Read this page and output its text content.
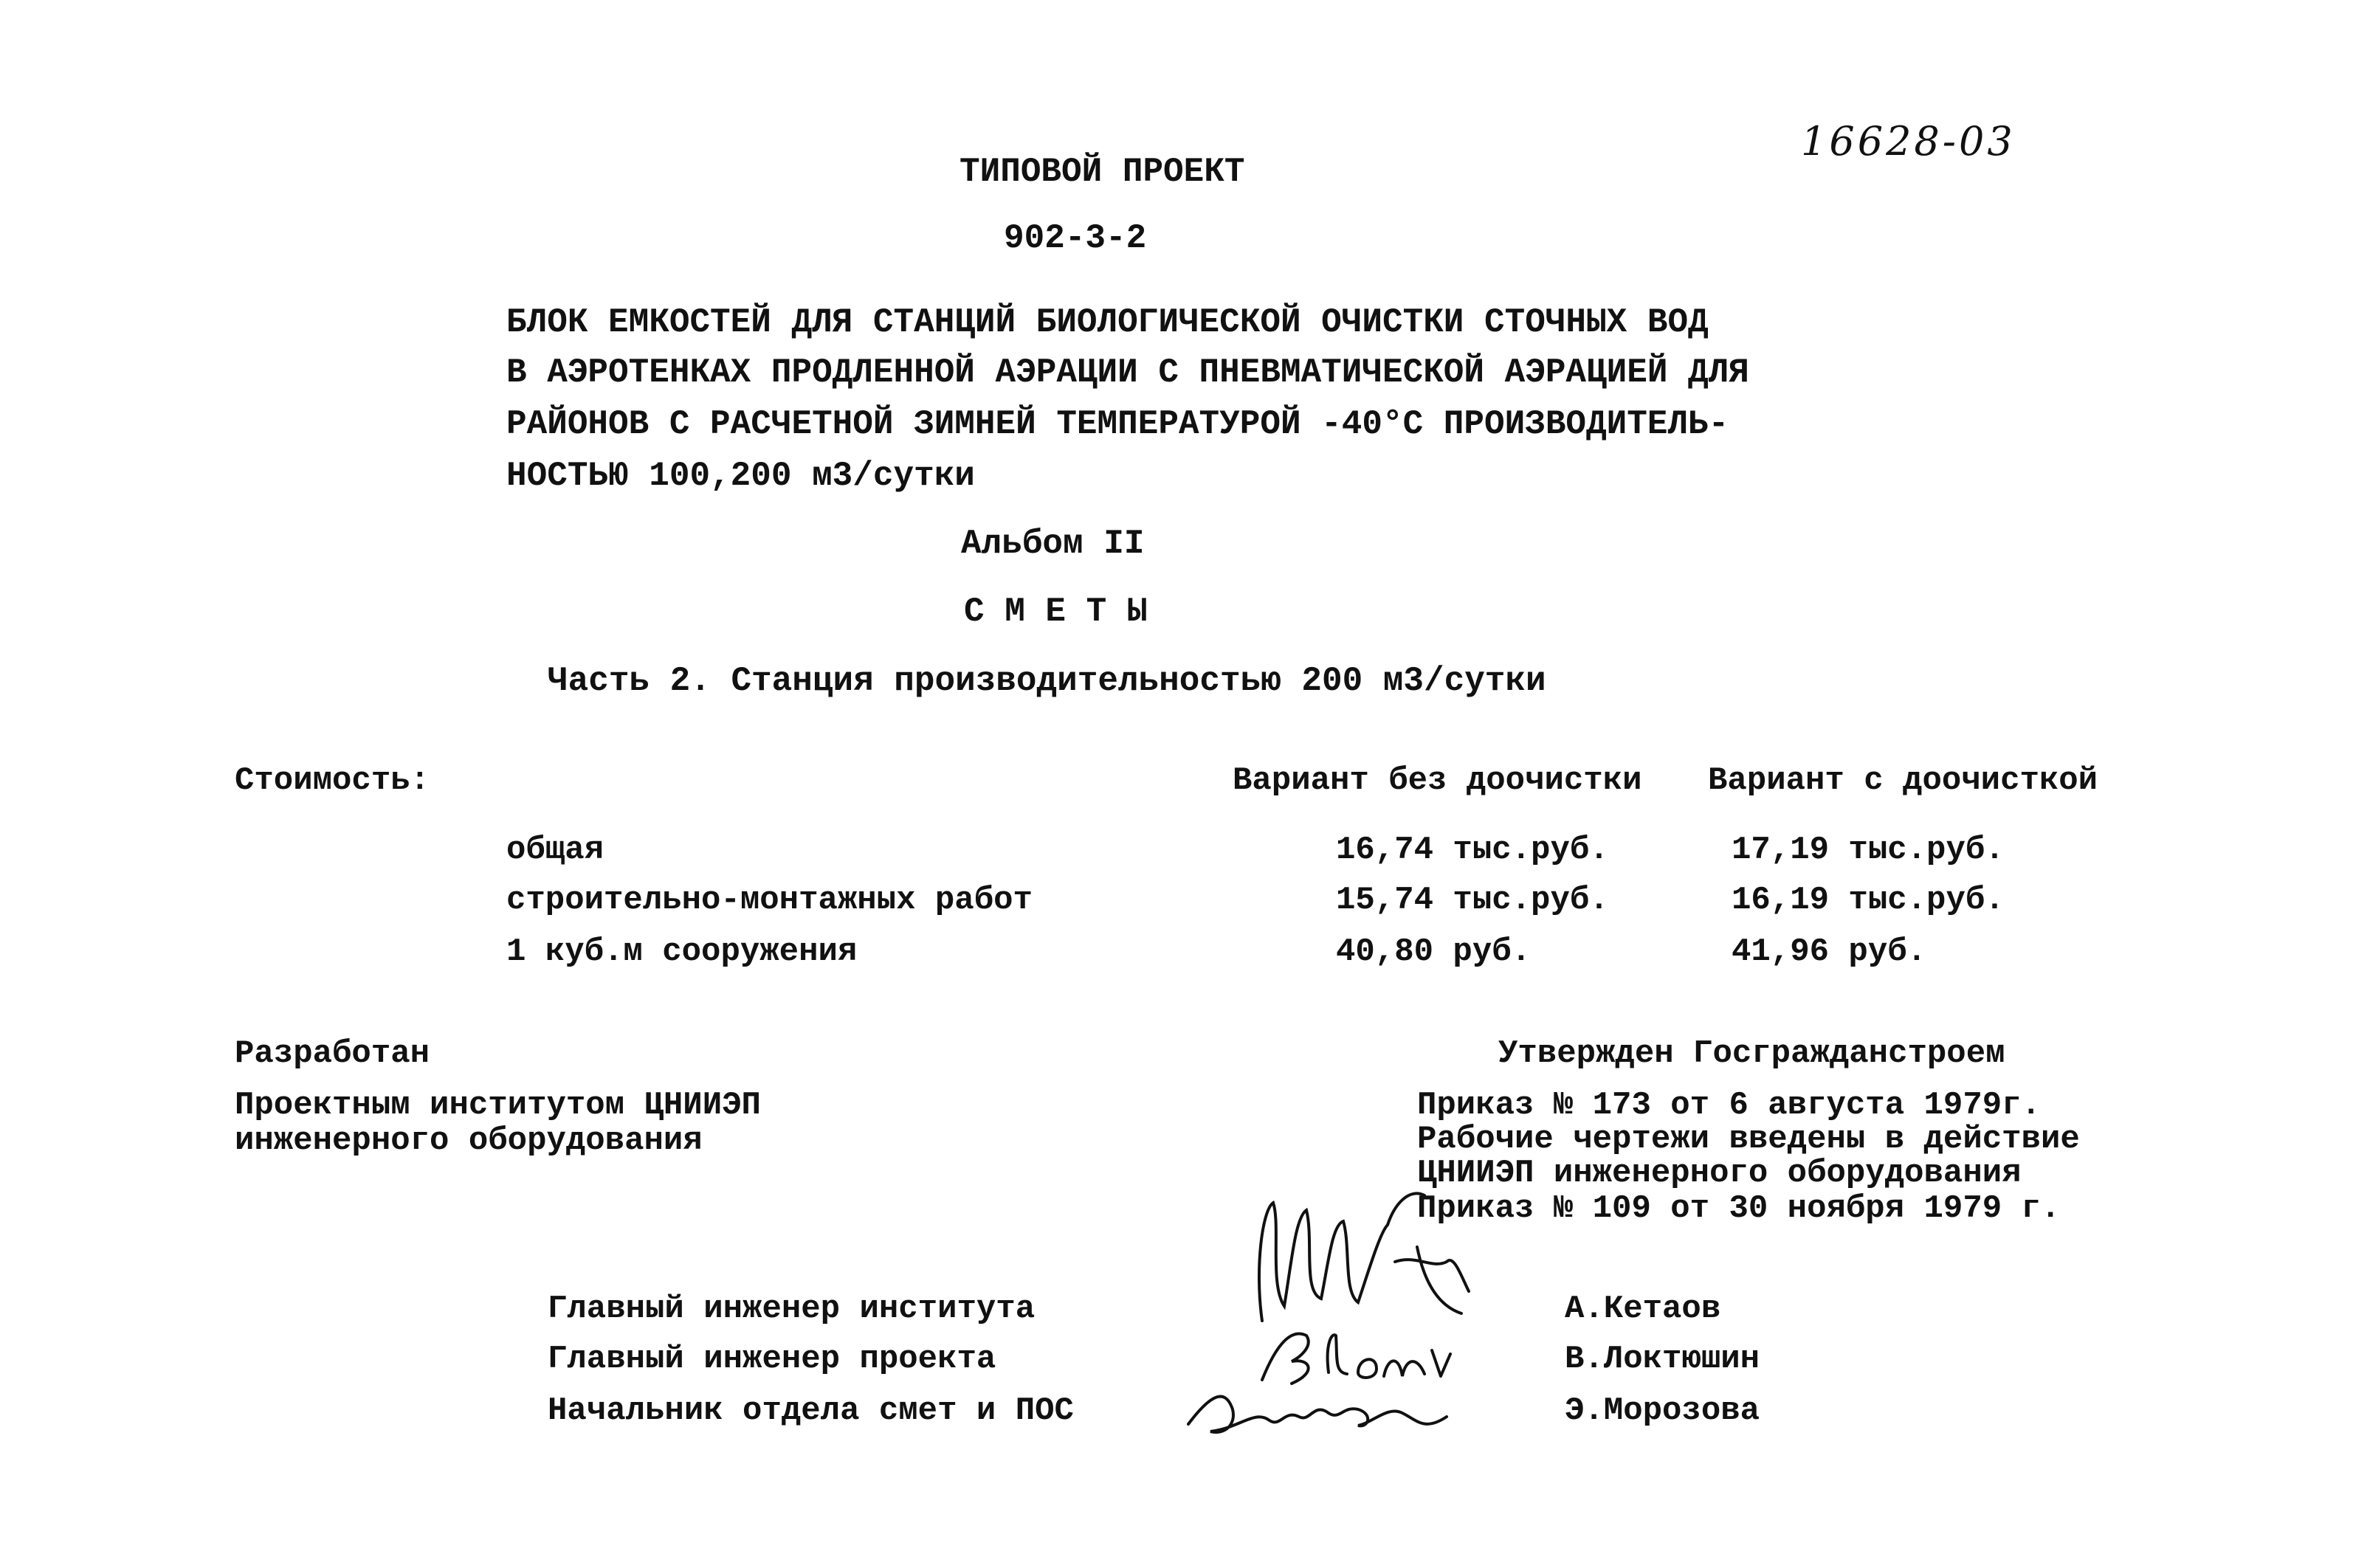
16628-03
ТИПОВОЙ ПРОЕКТ
902-3-2
БЛОК ЕМКОСТЕЙ ДЛЯ СТАНЦИЙ БИОЛОГИЧЕСКОЙ ОЧИСТКИ СТОЧНЫХ ВОД
В АЭРОТЕНКАХ ПРОДЛЕННОЙ АЭРАЦИИ С ПНЕВМАТИЧЕСКОЙ АЭРАЦИЕЙ ДЛЯ
РАЙОНОВ С РАСЧЕТНОЙ ЗИМНЕЙ ТЕМПЕРАТУРОЙ -40°С ПРОИЗВОДИТЕЛЬ-
НОСТЬЮ 100,200 м3/сутки
Альбом II
С М Е Т Ы
Часть 2. Станция производительностью 200 м3/сутки
Стоимость:	Вариант без доочистки Вариант с доочисткой
общая	16,74 тыс.руб.	17,19 тыс.руб.
строительно-монтажных работ	15,74 тыс.руб.	16,19 тыс.руб.
1 куб.м сооружения	40,80 руб.	41,96 руб.
Разработан
Проектным институтом ЦНИИЭП
инженерного оборудования
Утвержден Госгражданстроем
Приказ № 173 от 6 августа 1979г.
Рабочие чертежи введены в действие
ЦНИИЭП инженерного оборудования
Приказ № 109 от 30 ноября 1979 г.
Главный инженер института	А.Кетаов
Главный инженер проекта	В.Локтюшин
Начальник отдела смет и ПОС	Э.Морозова
